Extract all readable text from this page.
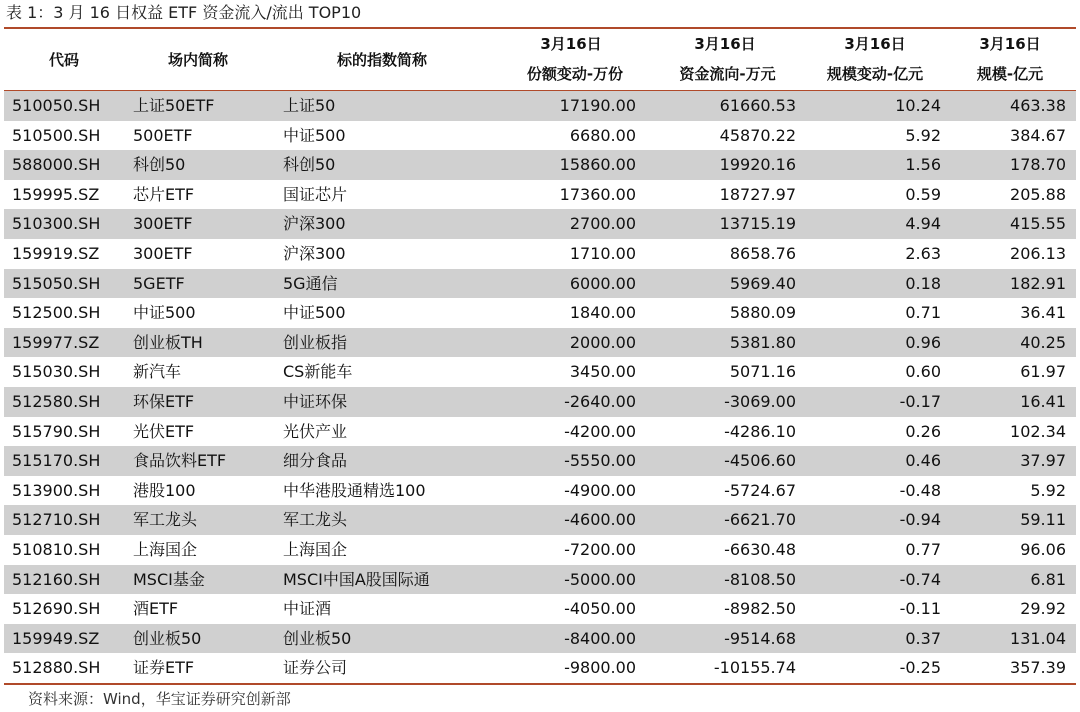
表 1：3 月 16 日权益 ETF 资金流入/流出 TOP10
代码	场内简称	标的指数简称
3月16日	3月16日	3月16日	3月16日
份额变动-万份	资金流向-万元	规模变动-亿元	规模-亿元
510050.SH 上证50ETF	上证50	17190.00	61660.53	10.24	463.38
510500.SH 500ETF	中证500	6680.00	45870.22	5.92	384.67
588000.SH 科创50	科创50	15860.00	19920.16	1.56	178.70
159995.SZ 芯片ETF	国证芯片	17360.00	18727.97	0.59	205.88
510300.SH 300ETF	沪深300	2700.00	13715.19	4.94	415.55
159919.SZ 300ETF	沪深300	1710.00	8658.76	2.63	206.13
515050.SH 5GETF	5G通信	6000.00	5969.40	0.18	182.91
512500.SH 中证500	中证500	1840.00	5880.09	0.71	36.41
159977.SZ 创业板TH	创业板指	2000.00	5381.80	0.96	40.25
515030.SH 新汽车	CS新能车	3450.00	5071.16	0.60	61.97
512580.SH 环保ETF	中证环保	-2640.00	-3069.00	-0.17	16.41
515790.SH 光伏ETF	光伏产业	-4200.00	-4286.10	0.26	102.34
515170.SH 食品饮料ETF	细分食品	-5550.00	-4506.60	0.46	37.97
513900.SH 港股100	中华港股通精选100	-4900.00	-5724.67	-0.48	5.92
512710.SH 军工龙头	军工龙头	-4600.00	-6621.70	-0.94	59.11
510810.SH 上海国企	上海国企	-7200.00	-6630.48	0.77	96.06
512160.SH MSCI基金	MSCI中国A股国际通	-5000.00	-8108.50	-0.74	6.81
512690.SH 酒ETF	中证酒	-4050.00	-8982.50	-0.11	29.92
159949.SZ 创业板50	创业板50	-8400.00	-9514.68	0.37	131.04
512880.SH 证券ETF	证券公司	-9800.00	-10155.74	-0.25	357.39
资料来源：Wind，华宝证券研究创新部
